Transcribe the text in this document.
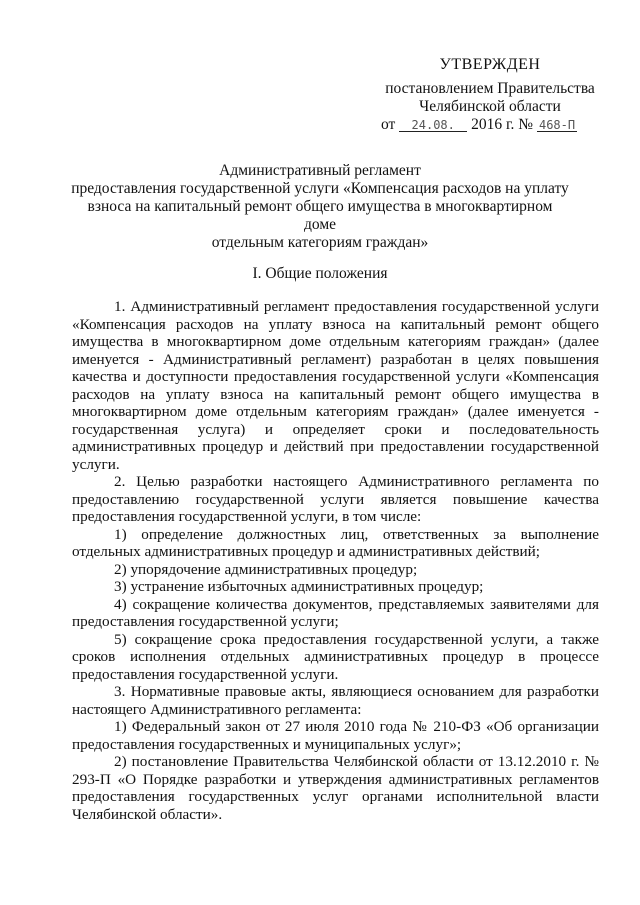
УТВЕРЖДЕН
постановлением Правительства
Челябинской области
от 24.08. 2016 г. № 468-П
Административный регламент
предоставления государственной услуги «Компенсация расходов на уплату
взноса на капитальный ремонт общего имущества в многоквартирном доме
отдельным категориям граждан»
I. Общие положения

1. Административный регламент предоставления государственной услуги «Компенсация расходов на уплату взноса на капитальный ремонт общего имущества в многоквартирном доме отдельным категориям граждан» (далее именуется - Административный регламент) разработан в целях повышения качества и доступности предоставления государственной услуги «Компенсация расходов на уплату взноса на капитальный ремонт общего имущества в многоквартирном доме отдельным категориям граждан» (далее именуется - государственная услуга) и определяет сроки и последовательность административных процедур и действий при предоставлении государственной услуги.

2. Целью разработки настоящего Административного регламента по предоставлению государственной услуги является повышение качества предоставления государственной услуги, в том числе:

1) определение должностных лиц, ответственных за выполнение отдельных административных процедур и административных действий;

2) упорядочение административных процедур;

3) устранение избыточных административных процедур;

4) сокращение количества документов, представляемых заявителями для предоставления государственной услуги;

5) сокращение срока предоставления государственной услуги, а также сроков исполнения отдельных административных процедур в процессе предоставления государственной услуги.

3. Нормативные правовые акты, являющиеся основанием для разработки настоящего Административного регламента:

1) Федеральный закон от 27 июля 2010 года № 210-ФЗ «Об организации предоставления государственных и муниципальных услуг»;

2) постановление Правительства Челябинской области от 13.12.2010 г. № 293-П «О Порядке разработки и утверждения административных регламентов предоставления государственных услуг органами исполнительной власти Челябинской области».
